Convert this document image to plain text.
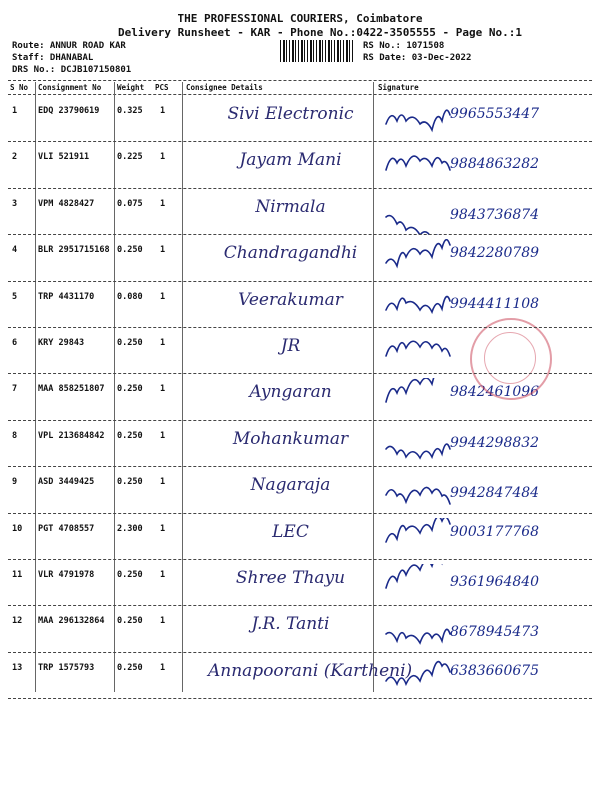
THE PROFESSIONAL COURIERS, Coimbatore
Delivery Runsheet - KAR - Phone No.:0422-3505555 - Page No.:1
Route: ANNUR ROAD KAR
Staff: DHANABAL
DRS No.: DCJB107150801
RS No.: 1071508
RS Date: 03-Dec-2022
S No Consignment No Weight PCS Consignee Details	Signature
1 EDQ 23790619 0.325 1	Sivi Electronic	9965553447
2 VLI 521911	0.225 1	Jayam Mani	9884863282
3 VPM 4828427	0.075 1	Nirmala	9843736874
4 BLR 2951715168 0.250 1	Chandragandhi	9842280789
5 TRP 4431170	0.080 1	Veerakumar	9944411108
6 KRY 29843	0.250 1	JR
7 MAA 858251807 0.250 1	Ayngaran	9842461096
8 VPL 213684842 0.250 1	Mohankumar	9944298832
9 ASD 3449425	0.250 1	Nagaraja	9942847484
10 PGT 4708557	2.300 1	LEC	9003177768
11 VLR 4791978	0.250 1	Shree Thayu	9361964840
12 MAA 296132864 0.250 1	J.R. Tanti	8678945473
13 TRP 1575793	0.250 1	Annapoorani (Kartheni)	6383660675
